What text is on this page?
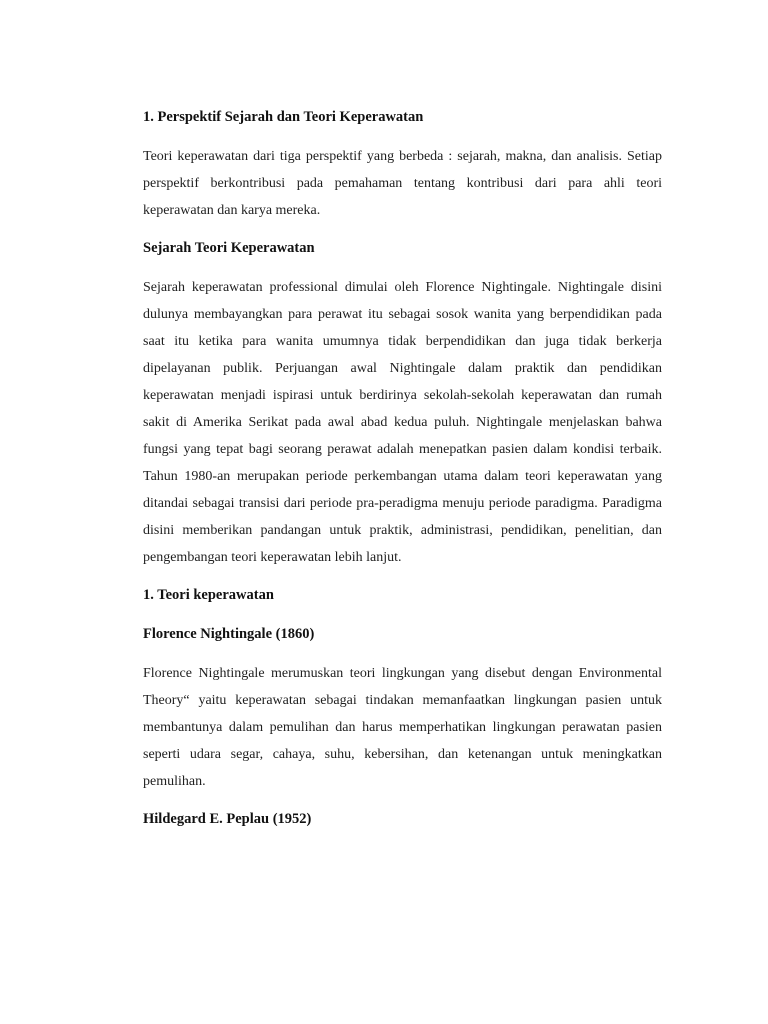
1. Perspektif Sejarah dan Teori Keperawatan

Teori keperawatan dari tiga perspektif yang berbeda : sejarah, makna, dan analisis. Setiap perspektif berkontribusi pada pemahaman tentang kontribusi dari para ahli teori keperawatan dan karya mereka.

Sejarah Teori Keperawatan

Sejarah keperawatan professional dimulai oleh Florence Nightingale. Nightingale disini dulunya membayangkan para perawat itu sebagai sosok wanita yang berpendidikan pada saat itu ketika para wanita umumnya tidak berpendidikan dan juga tidak berkerja dipelayanan publik. Perjuangan awal Nightingale dalam praktik dan pendidikan keperawatan menjadi ispirasi untuk berdirinya sekolah-sekolah keperawatan dan rumah sakit di Amerika Serikat pada awal abad kedua puluh. Nightingale menjelaskan bahwa fungsi yang tepat bagi seorang perawat adalah menepatkan pasien dalam kondisi terbaik. Tahun 1980-an merupakan periode perkembangan utama dalam teori keperawatan yang ditandai sebagai transisi dari periode pra-peradigma menuju periode paradigma. Paradigma disini memberikan pandangan untuk praktik, administrasi, pendidikan, penelitian, dan pengembangan teori keperawatan lebih lanjut.

1. Teori keperawatan
Florence Nightingale (1860)

Florence Nightingale merumuskan teori lingkungan yang disebut dengan Environmental Theory“ yaitu keperawatan sebagai tindakan memanfaatkan lingkungan pasien untuk membantunya dalam pemulihan dan harus memperhatikan lingkungan perawatan pasien seperti udara segar, cahaya, suhu, kebersihan, dan ketenangan untuk meningkatkan pemulihan.

Hildegard E. Peplau (1952)
